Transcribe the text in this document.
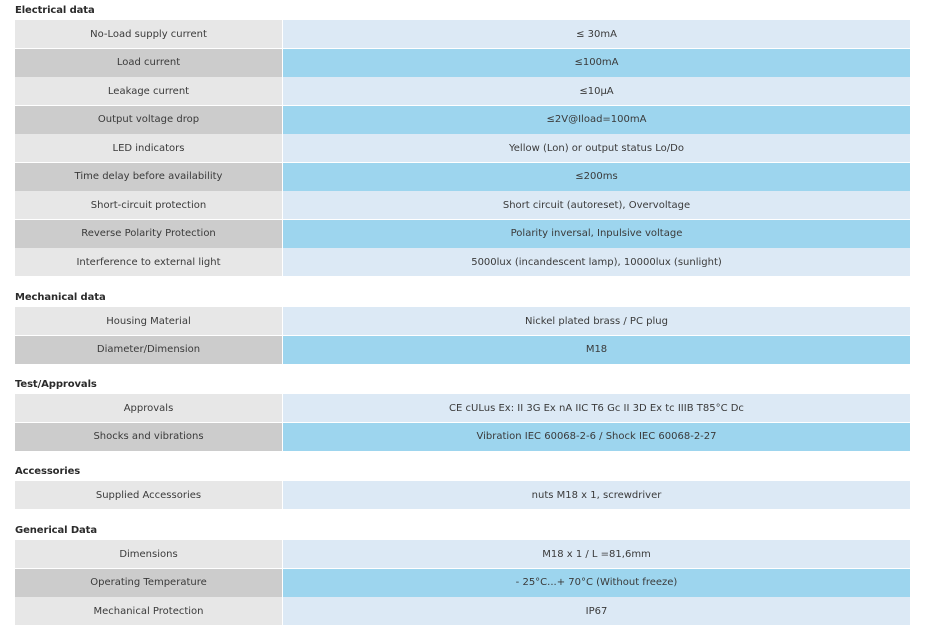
Electrical data
No-Load supply current	≤ 30mA
Load current	≤100mA
Leakage current	≤10μA
Output voltage drop	≤2V@Iload=100mA
LED indicators	Yellow (Lon) or output status Lo/Do
Time delay before availability	≤200ms
Short-circuit protection	Short circuit (autoreset), Overvoltage
Reverse Polarity Protection	Polarity inversal, Inpulsive voltage
Interference to external light	5000lux (incandescent lamp), 10000lux (sunlight)
Mechanical data
Housing Material	Nickel plated brass / PC plug
Diameter/Dimension	M18
Test/Approvals
Approvals	CE cULus Ex: II 3G Ex nA IIC T6 Gc II 3D Ex tc IIIB T85°C Dc
Shocks and vibrations	Vibration IEC 60068-2-6 / Shock IEC 60068-2-27
Accessories
Supplied Accessories	nuts M18 x 1, screwdriver
Generical Data
Dimensions	M18 x 1 / L =81,6mm
Operating Temperature	- 25°C...+ 70°C (Without freeze)
Mechanical Protection	IP67
